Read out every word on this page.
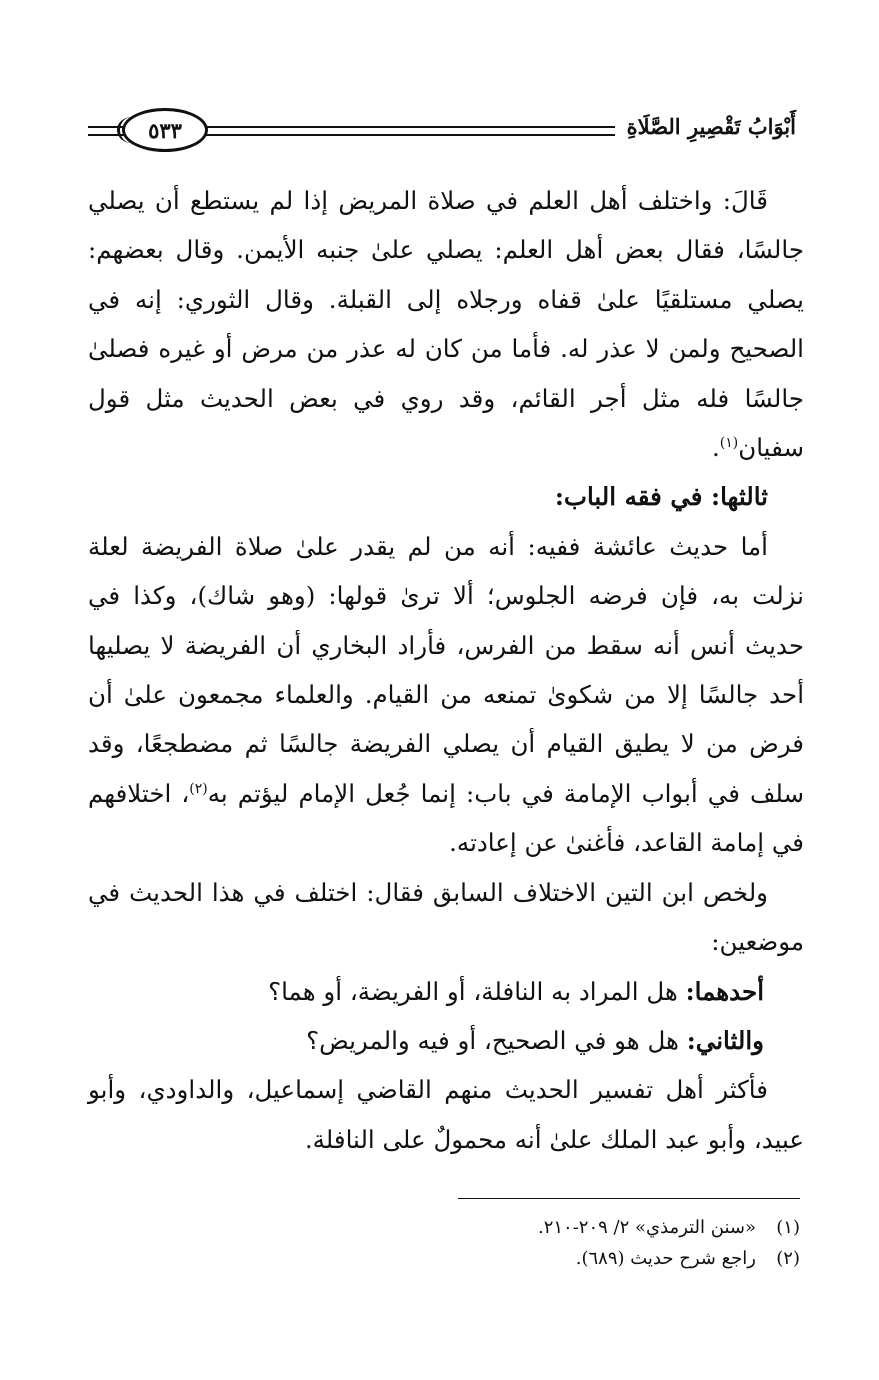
أَبْوَابُ تَقْصِيرِ الصَّلَاةِ
٥٣٣

قَالَ: واختلف أهل العلم في صلاة المريض إذا لم يستطع أن يصلي جالسًا، فقال بعض أهل العلم: يصلي علىٰ جنبه الأيمن. وقال بعضهم: يصلي مستلقيًا علىٰ قفاه ورجلاه إلى القبلة. وقال الثوري: إنه في الصحيح ولمن لا عذر له. فأما من كان له عذر من مرض أو غيره فصلىٰ جالسًا فله مثل أجر القائم، وقد روي في بعض الحديث مثل قول سفيان$^{(١)}$.

ثالثها: في فقه الباب:

أما حديث عائشة ففيه: أنه من لم يقدر علىٰ صلاة الفريضة لعلة نزلت به، فإن فرضه الجلوس؛ ألا ترىٰ قولها: (وهو شاك)، وكذا في حديث أنس أنه سقط من الفرس، فأراد البخاري أن الفريضة لا يصليها أحد جالسًا إلا من شكوىٰ تمنعه من القيام. والعلماء مجمعون علىٰ أن فرض من لا يطيق القيام أن يصلي الفريضة جالسًا ثم مضطجعًا، وقد سلف في أبواب الإمامة في باب: إنما جُعل الإمام ليؤتم به$^{(٢)}$، اختلافهم في إمامة القاعد، فأغنىٰ عن إعادته.

ولخص ابن التين الاختلاف السابق فقال: اختلف في هذا الحديث في موضعين:

أحدهما: هل المراد به النافلة، أو الفريضة، أو هما؟

والثاني: هل هو في الصحيح، أو فيه والمريض؟

فأكثر أهل تفسير الحديث منهم القاضي إسماعيل، والداودي، وأبو عبيد، وأبو عبد الملك علىٰ أنه محمولٌ على النافلة.

(١)«سنن الترمذي» ٢/ ٢٠٩-٢١٠.

(٢)راجع شرح حديث (٦٨٩).
